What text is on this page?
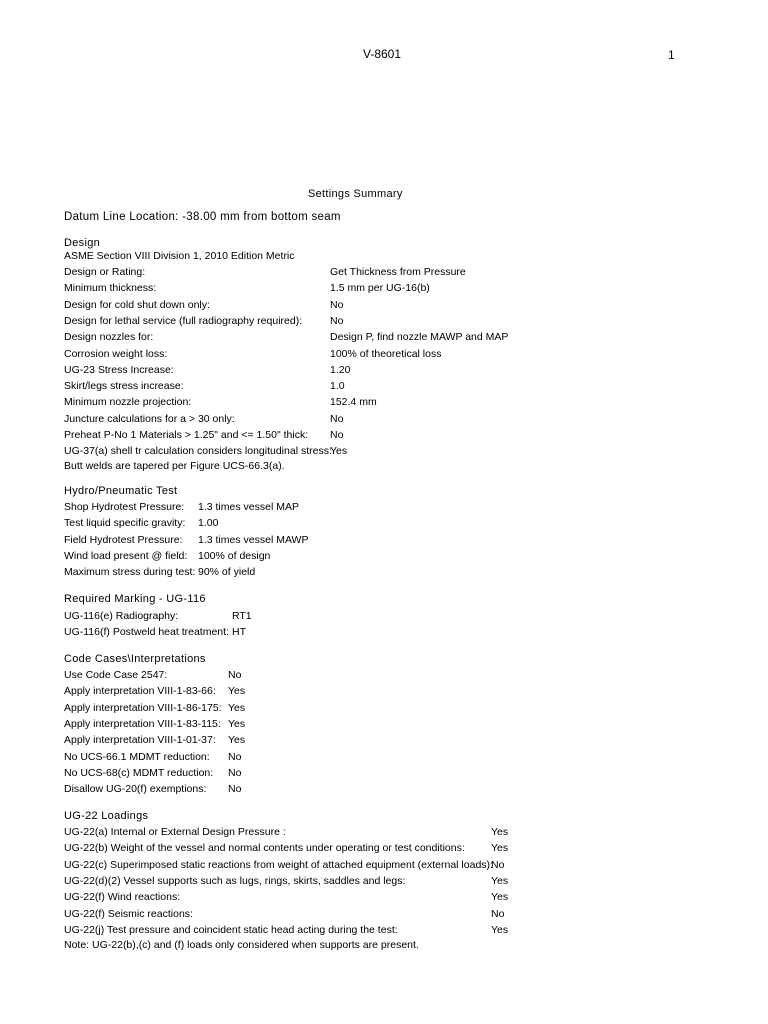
V-8601	1
Settings Summary
Datum Line Location: -38.00 mm from bottom seam
Design
ASME Section VIII Division 1, 2010 Edition Metric
Design or Rating:	Get Thickness from Pressure
Minimum thickness:	1.5 mm per UG-16(b)
Design for cold shut down only:	No
Design for lethal service (full radiography required):	No
Design nozzles for:	Design P, find nozzle MAWP and MAP
Corrosion weight loss:	100% of theoretical loss
UG-23 Stress Increase:	1.20
Skirt/legs stress increase:	1.0
Minimum nozzle projection:	152.4 mm
Juncture calculations for a > 30 only:	No
Preheat P-No 1 Materials > 1.25" and <= 1.50" thick: No
UG-37(a) shell tr calculation considers longitudinal stress:
Yes
Butt welds are tapered per Figure UCS-66.3(a).
Hydro/Pneumatic Test
Shop Hydrotest Pressure: 1.3 times vessel MAP
Test liquid specific gravity: 1.00
Field Hydrotest Pressure: 1.3 times vessel MAWP
Wind load present @ field: 100% of design
Maximum stress during test: 90% of yield
Required Marking - UG-116
UG-116(e) Radiography:	RT1
UG-116(f) Postweld heat treatment: HT
Code Cases\Interpretations
Use Code Case 2547:	No
Apply interpretation VIII-1-83-66: Yes
Apply interpretation VIII-1-86-175: Yes
Apply interpretation VIII-1-83-115: Yes
Apply interpretation VIII-1-01-37: Yes
No UCS-66.1 MDMT reduction: No
No UCS-68(c) MDMT reduction: No
Disallow UG-20(f) exemptions: No
UG-22 Loadings
UG-22(a) Internal or External Design Pressure :	Yes
UG-22(b) Weight of the vessel and normal contents under operating or test conditions: Yes
UG-22(c) Superimposed static reactions from weight of attached equipment (external loads):
No
UG-22(d)(2) Vessel supports such as lugs, rings, skirts, saddles and legs:	Yes
UG-22(f) Wind reactions:	Yes
UG-22(f) Seismic reactions:	No
UG-22(j) Test pressure and coincident static head acting during the test:	Yes
Note: UG-22(b),(c) and (f) loads only considered when supports are present.
